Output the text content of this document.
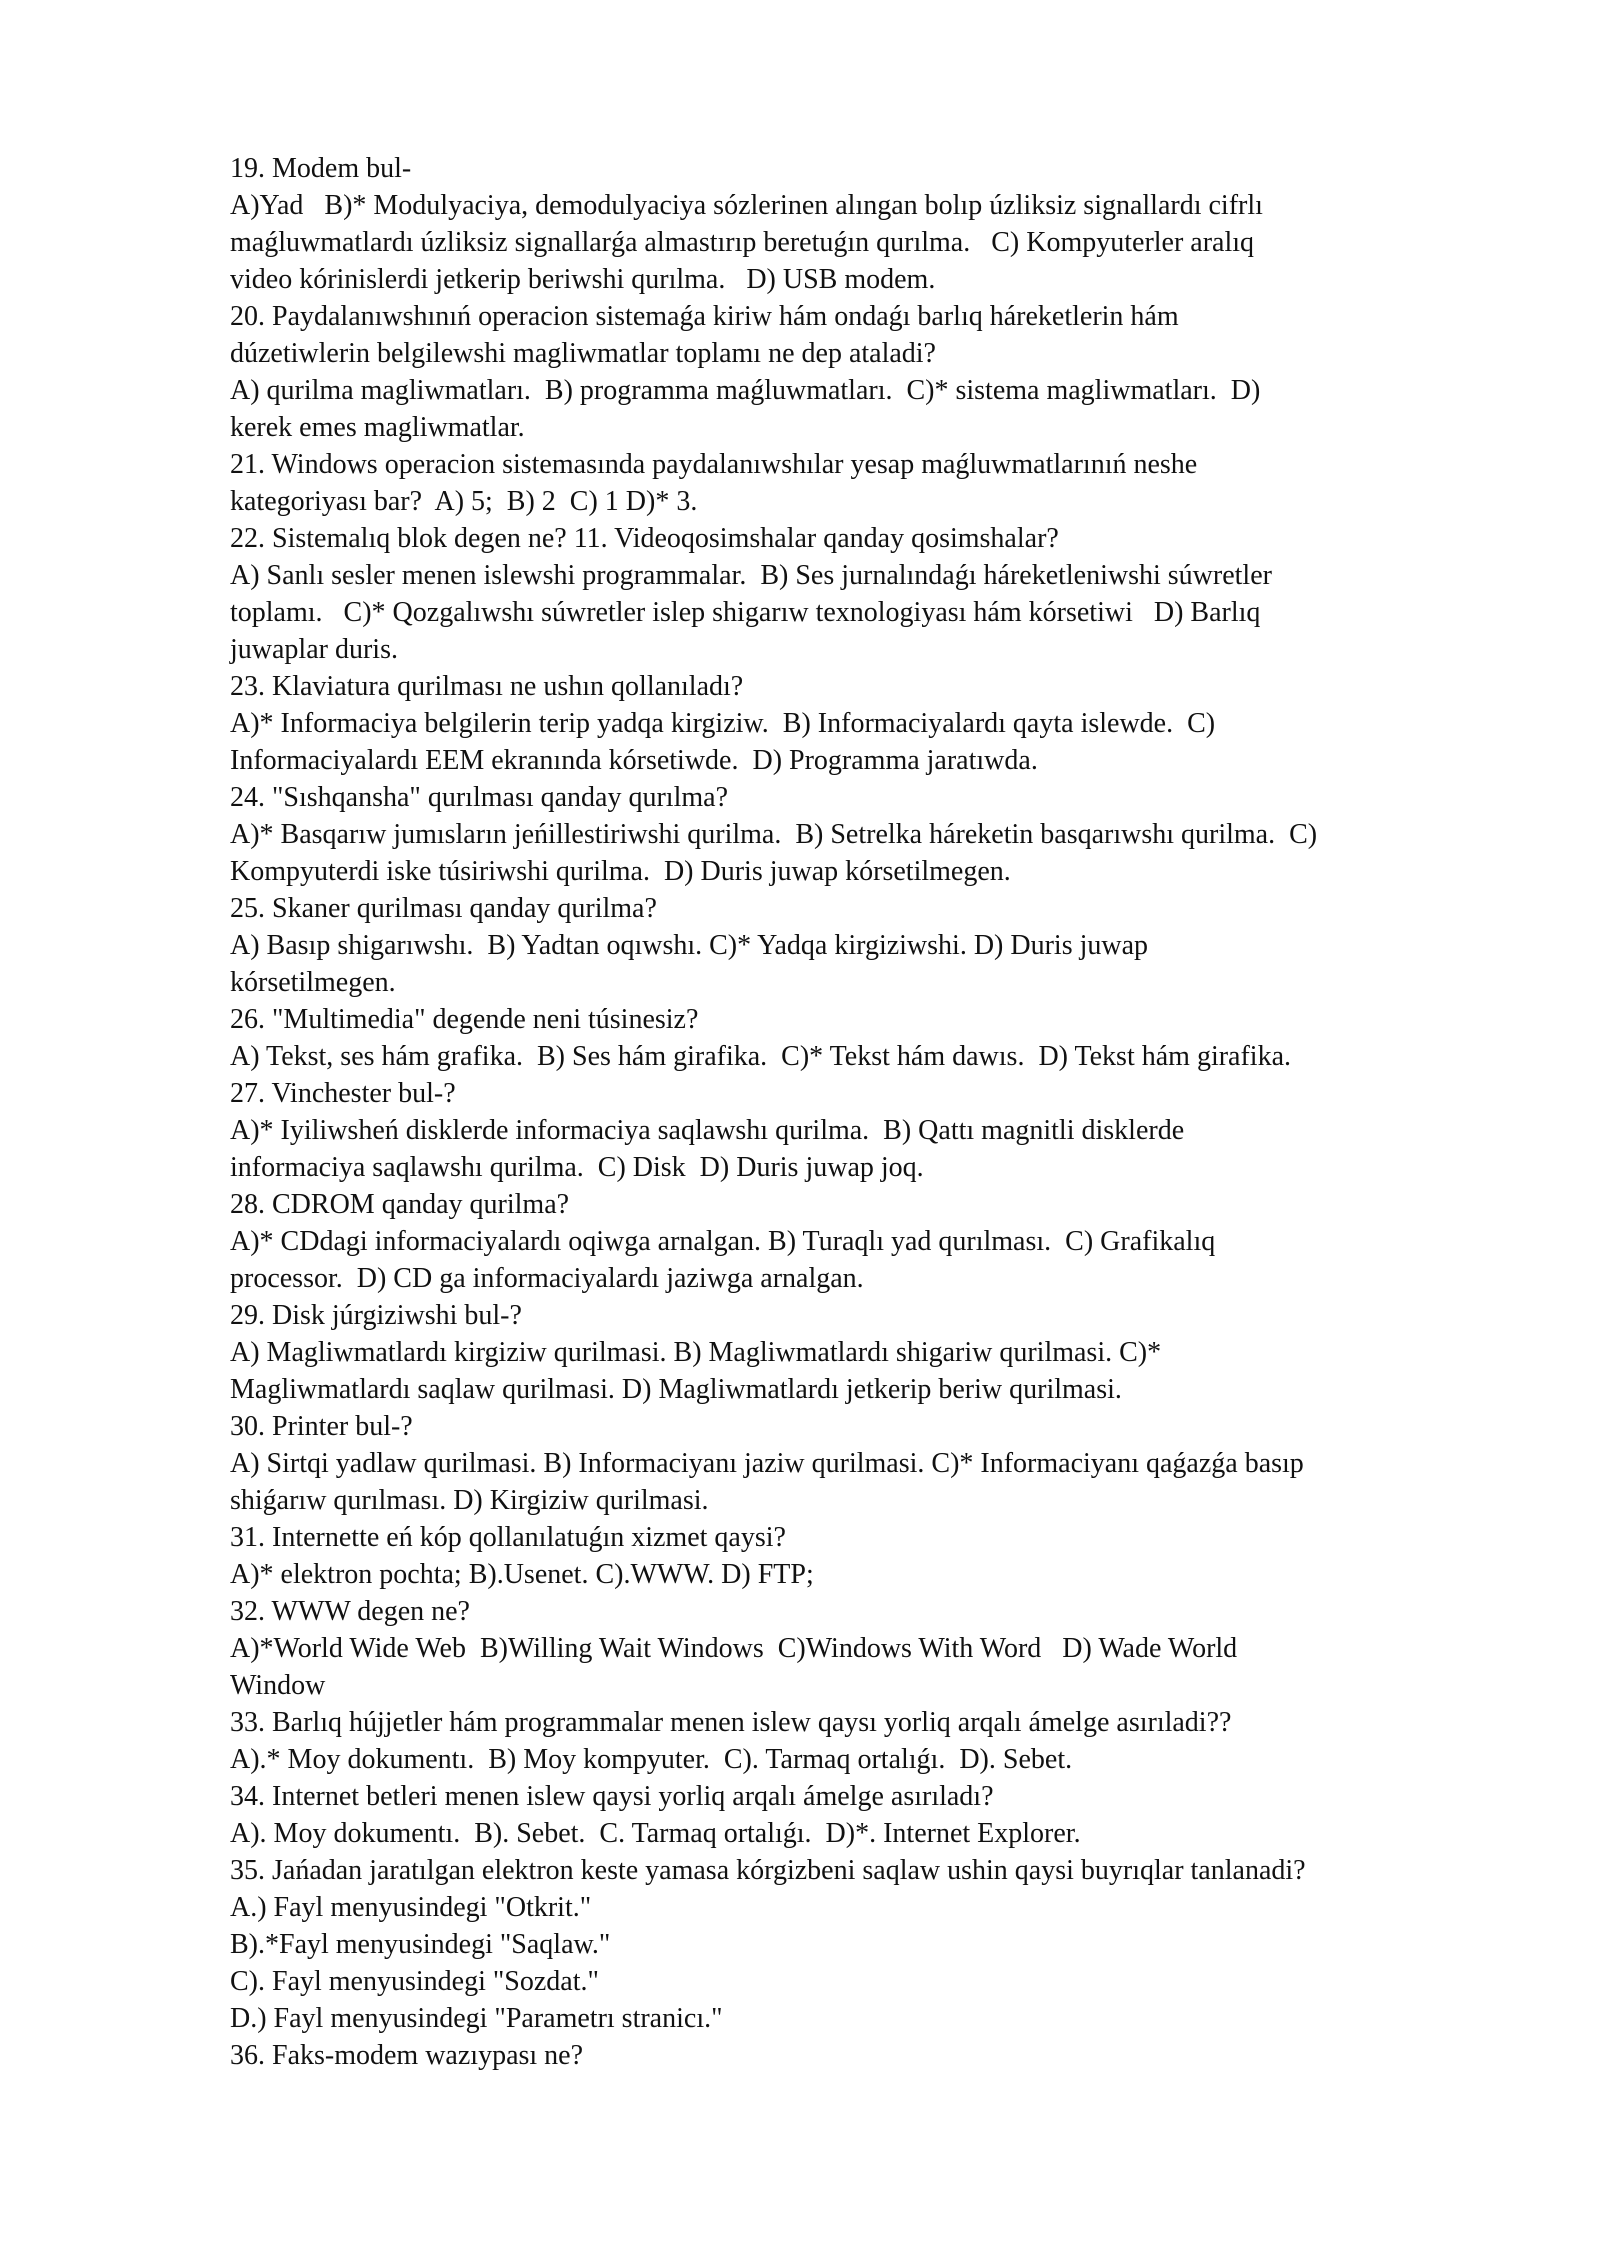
19. Modem bul-
A)Yad   B)* Modulyaciya, demodulyaciya sózlerinen alıngan bolıp úzliksiz signallardı cifrlı
maǵluwmatlardı úzliksiz signallarǵa almastırıp beretuǵın qurılma.   C) Kompyuterler aralıq
video kórinislerdi jetkerip beriwshi qurılma.   D) USB modem.
20. Paydalanıwshınıń operacion sistemaǵa kiriw hám ondaǵı barlıq háreketlerin hám
dúzetiwlerin belgilewshi magliwmatlar toplamı ne dep ataladi?
A) qurilma magliwmatları.  B) programma maǵluwmatları.  C)* sistema magliwmatları.  D)
kerek emes magliwmatlar.
21. Windows operacion sistemasında paydalanıwshılar yesap maǵluwmatlarınıń neshe
kategoriyası bar?  A) 5;  B) 2  C) 1 D)* 3.
22. Sistemalıq blok degen ne? 11. Videoqosimshalar qanday qosimshalar?
A) Sanlı sesler menen islewshi programmalar.  B) Ses jurnalındaǵı háreketleniwshi súwretler
toplamı.   C)* Qozgalıwshı súwretler islep shigarıw texnologiyası hám kórsetiwi   D) Barlıq
juwaplar duris.
23. Klaviatura qurilması ne ushın qollanıladı?
A)* Informaciya belgilerin terip yadqa kirgiziw.  B) Informaciyalardı qayta islewde.  C)
Informaciyalardı EEM ekranında kórsetiwde.  D) Programma jaratıwda.
24. "Sıshqansha" qurılması qanday qurılma?
A)* Basqarıw jumısların jeńillestiriwshi qurilma.  B) Setrelka háreketin basqarıwshı qurilma.  C)
Kompyuterdi iske túsiriwshi qurilma.  D) Duris juwap kórsetilmegen.
25. Skaner qurilması qanday qurilma?
A) Basıp shigarıwshı.  B) Yadtan oqıwshı. C)* Yadqa kirgiziwshi. D) Duris juwap
kórsetilmegen.
26. "Multimedia" degende neni túsinesiz?
A) Tekst, ses hám grafika.  B) Ses hám girafika.  C)* Tekst hám dawıs.  D) Tekst hám girafika.
27. Vinchester bul-?
A)* Iyiliwsheń disklerde informaciya saqlawshı qurilma.  B) Qattı magnitli disklerde
informaciya saqlawshı qurilma.  C) Disk  D) Duris juwap joq.
28. CDROM qanday qurilma?
A)* CDdagi informaciyalardı oqiwga arnalgan. B) Turaqlı yad qurılması.  C) Grafikalıq
processor.  D) CD ga informaciyalardı jaziwga arnalgan.
29. Disk júrgiziwshi bul-?
A) Magliwmatlardı kirgiziw qurilmasi. B) Magliwmatlardı shigariw qurilmasi. C)*
Magliwmatlardı saqlaw qurilmasi. D) Magliwmatlardı jetkerip beriw qurilmasi.
30. Printer bul-?
A) Sirtqi yadlaw qurilmasi. B) Informaciyanı jaziw qurilmasi. C)* Informaciyanı qaǵazǵa basıp
shiǵarıw qurılması. D) Kirgiziw qurilmasi.
31. Internette eń kóp qollanılatuǵın xizmet qaysi?
A)* elektron pochta; B).Usenet. C).WWW. D) FTP;
32. WWW degen ne?
A)*World Wide Web  B)Willing Wait Windows  C)Windows With Word   D) Wade World
Window
33. Barlıq hújjetler hám programmalar menen islew qaysı yorliq arqalı ámelge asırıladi??
A).* Moy dokumentı.  B) Moy kompyuter.  C). Tarmaq ortalıǵı.  D). Sebet.
34. Internet betleri menen islew qaysi yorliq arqalı ámelge asırıladı?
A). Moy dokumentı.  B). Sebet.  C. Tarmaq ortalıǵı.  D)*. Internet Explorer.
35. Jańadan jaratılgan elektron keste yamasa kórgizbeni saqlaw ushin qaysi buyrıqlar tanlanadi?
A.) Fayl menyusindegi "Otkrit."
B).*Fayl menyusindegi "Saqlaw."
C). Fayl menyusindegi "Sozdat."
D.) Fayl menyusindegi "Parametrı stranicı."
36. Faks-modem wazıypası ne?
